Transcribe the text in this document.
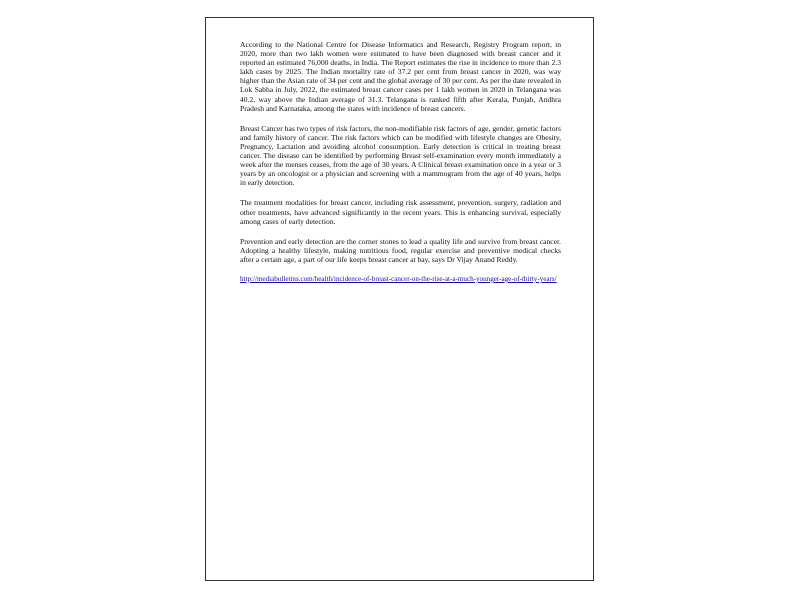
According to the National Centre for Disease Informatics and Research, Registry Program report, in 2020, more than two lakh women were estimated to have been diagnosed with breast cancer and it reported an estimated 76,000 deaths, in India. The Report estimates the rise in incidence to more than 2.3 lakh cases by 2025. The Indian mortality rate of 37.2 per cent from breast cancer in 2020, was way higher than the Asian rate of 34 per cent and the global average of 30 per cent. As per the date revealed in Lok Sabha in July, 2022, the estimated breast cancer cases per 1 lakh women in 2020 in Telangana was 40.2, way above the Indian average of 31.3. Telangana is ranked fifth after Kerala, Punjab, Andhra Pradesh and Karnataka, among the states with incidence of breast cancers.

Breast Cancer has two types of risk factors, the non-modifiable risk factors of age, gender, genetic factors and family history of cancer. The risk factors which can be modified with lifestyle changes are Obesity, Pregnancy, Lactation and avoiding alcohol consumption. Early detection is critical in treating breast cancer. The disease can be identified by performing Breast self-examination every month immediately a week after the menses ceases, from the age of 30 years. A Clinical breast examination once in a year or 3 years by an oncologist or a physician and screening with a mammogram from the age of 40 years, helps in early detection.

The treatment modalities for breast cancer, including risk assessment, prevention, surgery, radiation and other treatments, have advanced significantly in the recent years. This is enhancing survival, especially among cases of early detection.

Prevention and early detection are the corner stones to lead a quality life and survive from breast cancer. Adopting a healthy lifestyle, making nutritious food, regular exercise and preventive medical checks after a certain age, a part of our life keeps breast cancer at bay, says Dr Vijay Anand Reddy.

http://mediabulletins.com/health/incidence-of-breast-cancer-on-the-rise-at-a-much-younger-age-of-thirty-years/
